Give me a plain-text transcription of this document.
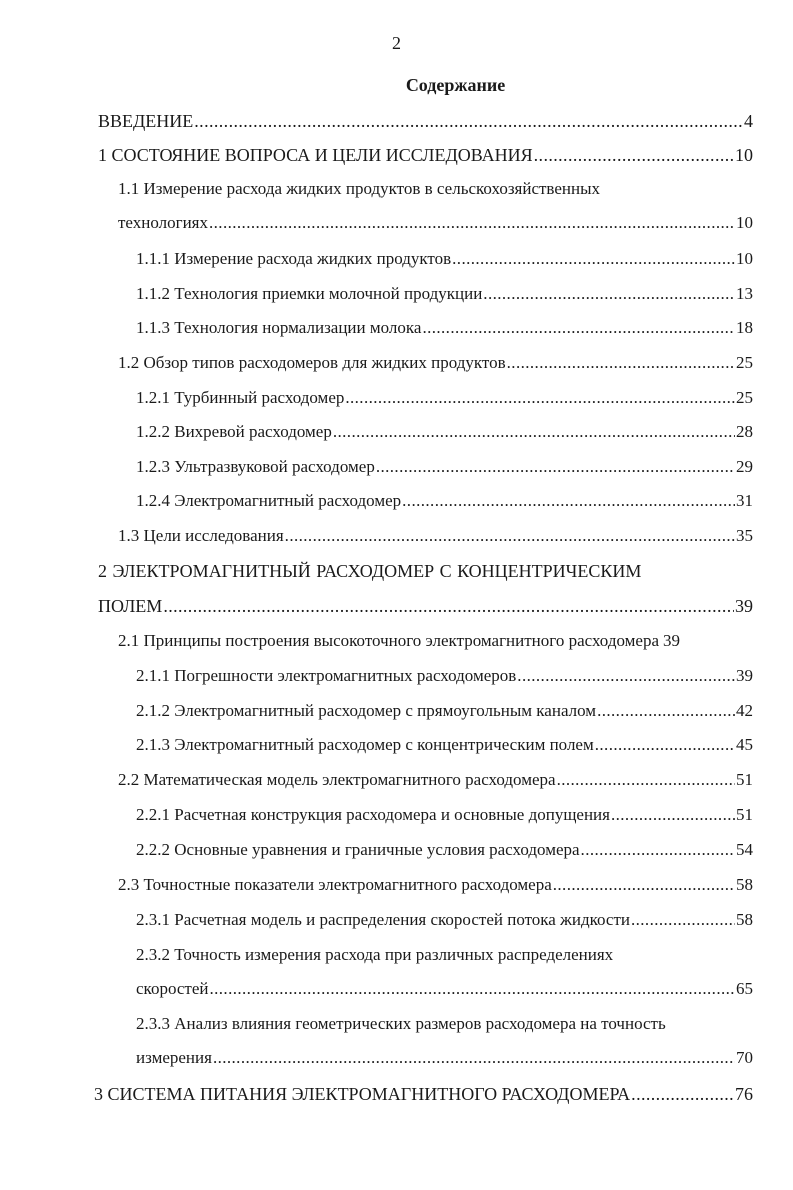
2
Содержание
ВВЕДЕНИЕ .....	4
1 СОСТОЯНИЕ ВОПРОСА И ЦЕЛИ ИССЛЕДОВАНИЯ .....	10
1.1 Измерение расхода жидких продуктов в сельскохозяйственных
технологиях .....	10
1.1.1 Измерение расхода жидких продуктов .....	10
1.1.2 Технология приемки молочной продукции .....	13
1.1.3 Технология нормализации молока .....	18
1.2 Обзор типов расходомеров для жидких продуктов .....	25
1.2.1 Турбинный расходомер .....	25
1.2.2 Вихревой расходомер .....	28
1.2.3 Ультразвуковой расходомер .....	29
1.2.4 Электромагнитный расходомер .....	31
1.3 Цели исследования .....	35
2 ЭЛЕКТРОМАГНИТНЫЙ РАСХОДОМЕР С КОНЦЕНТРИЧЕСКИМ
ПОЛЕМ .....	39
2.1 Принципы построения высокоточного электромагнитного расходомера 39
2.1.1 Погрешности электромагнитных расходомеров .....	39
2.1.2 Электромагнитный расходомер с прямоугольным каналом .....	42
2.1.3 Электромагнитный расходомер с концентрическим полем .....	45
2.2 Математическая модель электромагнитного расходомера .....	51
2.2.1 Расчетная конструкция расходомера и основные допущения .....	51
2.2.2 Основные уравнения и граничные условия расходомера .....	54
2.3 Точностные показатели электромагнитного расходомера .....	58
2.3.1 Расчетная модель и распределения скоростей потока жидкости .....	58
2.3.2 Точность измерения расхода при различных распределениях
скоростей .....	65
2.3.3 Анализ влияния геометрических размеров расходомера на точность
измерения .....	70
3 СИСТЕМА ПИТАНИЯ ЭЛЕКТРОМАГНИТНОГО РАСХОДОМЕРА .....	76
